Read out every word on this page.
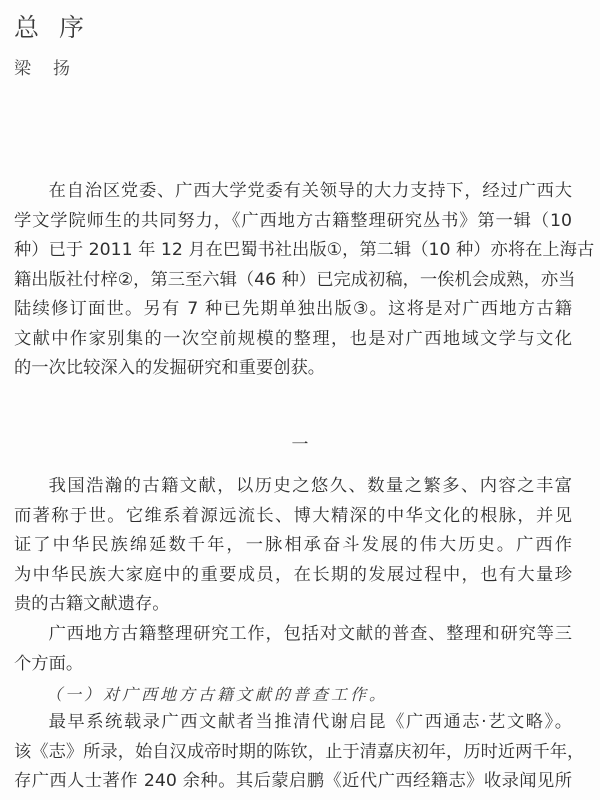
总序
梁扬
在自治区党委、广西大学党委有关领导的大力支持下，经过广西大
学文学院师生的共同努力，《广西地方古籍整理研究丛书》第一辑（10
种）已于 2011 年 12 月在巴蜀书社出版①，第二辑（10 种）亦将在上海古
籍出版社付梓②，第三至六辑（46 种）已完成初稿，一俟机会成熟，亦当
陆续修订面世。另有 7 种已先期单独出版③。这将是对广西地方古籍
文献中作家别集的一次空前规模的整理，也是对广西地域文学与文化
的一次比较深入的发掘研究和重要创获。
一
我国浩瀚的古籍文献，以历史之悠久、数量之繁多、内容之丰富
而著称于世。它维系着源远流长、博大精深的中华文化的根脉，并见
证了中华民族绵延数千年，一脉相承奋斗发展的伟大历史。广西作
为中华民族大家庭中的重要成员，在长期的发展过程中，也有大量珍
贵的古籍文献遗存。
广西地方古籍整理研究工作，包括对文献的普查、整理和研究等三
个方面。
（一）对广西地方古籍文献的普查工作。
最早系统载录广西文献者当推清代谢启昆《广西通志·艺文略》。
该《志》所录，始自汉成帝时期的陈钦，止于清嘉庆初年，历时近两千年，
存广西人士著作 240 余种。其后蒙启鹏《近代广西经籍志》收录闻见所
